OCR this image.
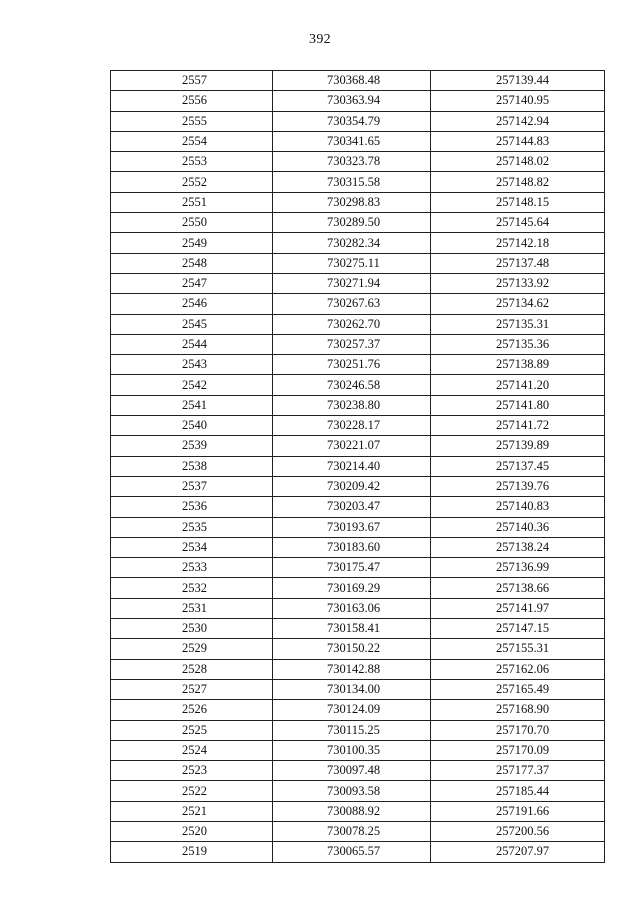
392
2557	730368.48	257139.44
2556	730363.94	257140.95
2555	730354.79	257142.94
2554	730341.65	257144.83
2553	730323.78	257148.02
2552	730315.58	257148.82
2551	730298.83	257148.15
2550	730289.50	257145.64
2549	730282.34	257142.18
2548	730275.11	257137.48
2547	730271.94	257133.92
2546	730267.63	257134.62
2545	730262.70	257135.31
2544	730257.37	257135.36
2543	730251.76	257138.89
2542	730246.58	257141.20
2541	730238.80	257141.80
2540	730228.17	257141.72
2539	730221.07	257139.89
2538	730214.40	257137.45
2537	730209.42	257139.76
2536	730203.47	257140.83
2535	730193.67	257140.36
2534	730183.60	257138.24
2533	730175.47	257136.99
2532	730169.29	257138.66
2531	730163.06	257141.97
2530	730158.41	257147.15
2529	730150.22	257155.31
2528	730142.88	257162.06
2527	730134.00	257165.49
2526	730124.09	257168.90
2525	730115.25	257170.70
2524	730100.35	257170.09
2523	730097.48	257177.37
2522	730093.58	257185.44
2521	730088.92	257191.66
2520	730078.25	257200.56
2519	730065.57	257207.97
